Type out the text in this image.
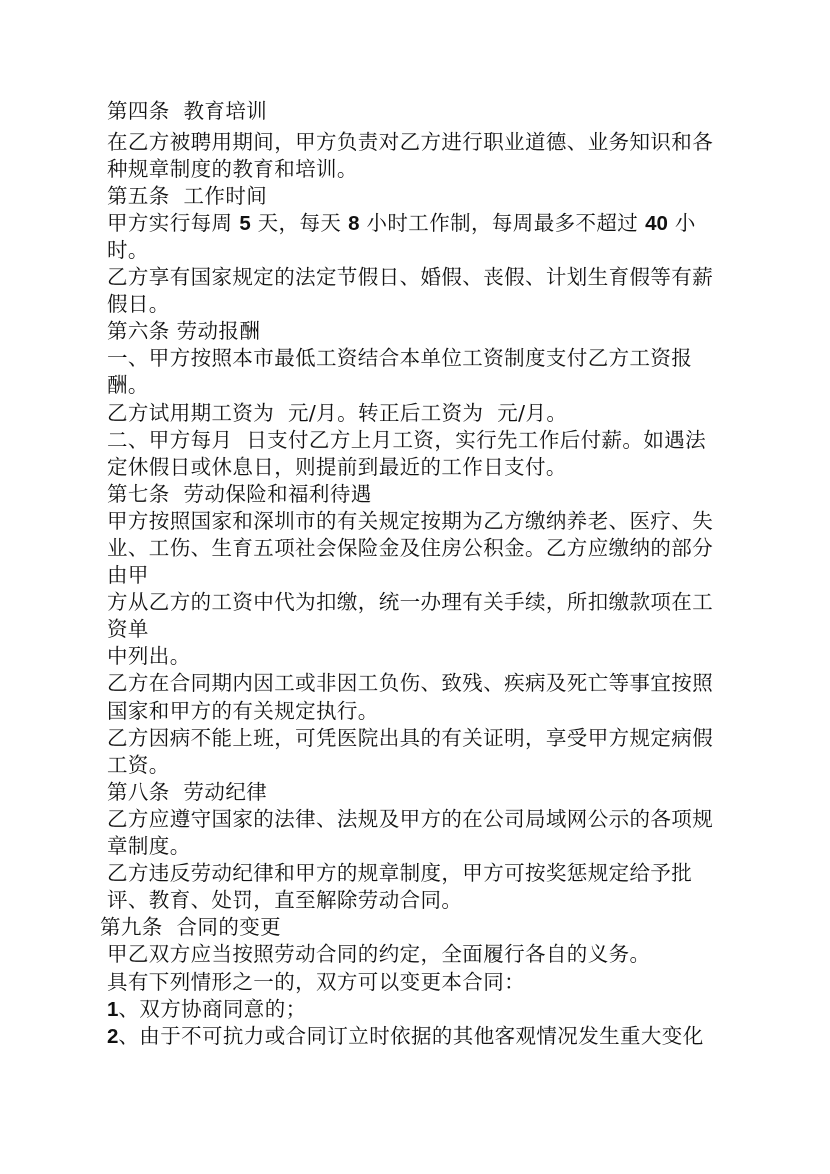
第四条  教育培训
在乙方被聘用期间，甲方负责对乙方进行职业道德、业务知识和各
种规章制度的教育和培训。
第五条  工作时间
甲方实行每周 5 天，每天 8 小时工作制，每周最多不超过 40 小
时。
乙方享有国家规定的法定节假日、婚假、丧假、计划生育假等有薪
假日。
第六条 劳动报酬
一、甲方按照本市最低工资结合本单位工资制度支付乙方工资报
酬。
乙方试用期工资为  元/月。转正后工资为  元/月。
二、甲方每月  日支付乙方上月工资，实行先工作后付薪。如遇法
定休假日或休息日，则提前到最近的工作日支付。
第七条  劳动保险和福利待遇
甲方按照国家和深圳市的有关规定按期为乙方缴纳养老、医疗、失
业、工伤、生育五项社会保险金及住房公积金。乙方应缴纳的部分
由甲
方从乙方的工资中代为扣缴，统一办理有关手续，所扣缴款项在工
资单
中列出。
乙方在合同期内因工或非因工负伤、致残、疾病及死亡等事宜按照
国家和甲方的有关规定执行。
乙方因病不能上班，可凭医院出具的有关证明，享受甲方规定病假
工资。
第八条  劳动纪律
乙方应遵守国家的法律、法规及甲方的在公司局域网公示的各项规
章制度。
乙方违反劳动纪律和甲方的规章制度，甲方可按奖惩规定给予批
评、教育、处罚，直至解除劳动合同。
第九条  合同的变更
甲乙双方应当按照劳动合同的约定，全面履行各自的义务。
具有下列情形之一的，双方可以变更本合同：
1、双方协商同意的；
2、由于不可抗力或合同订立时依据的其他客观情况发生重大变化
